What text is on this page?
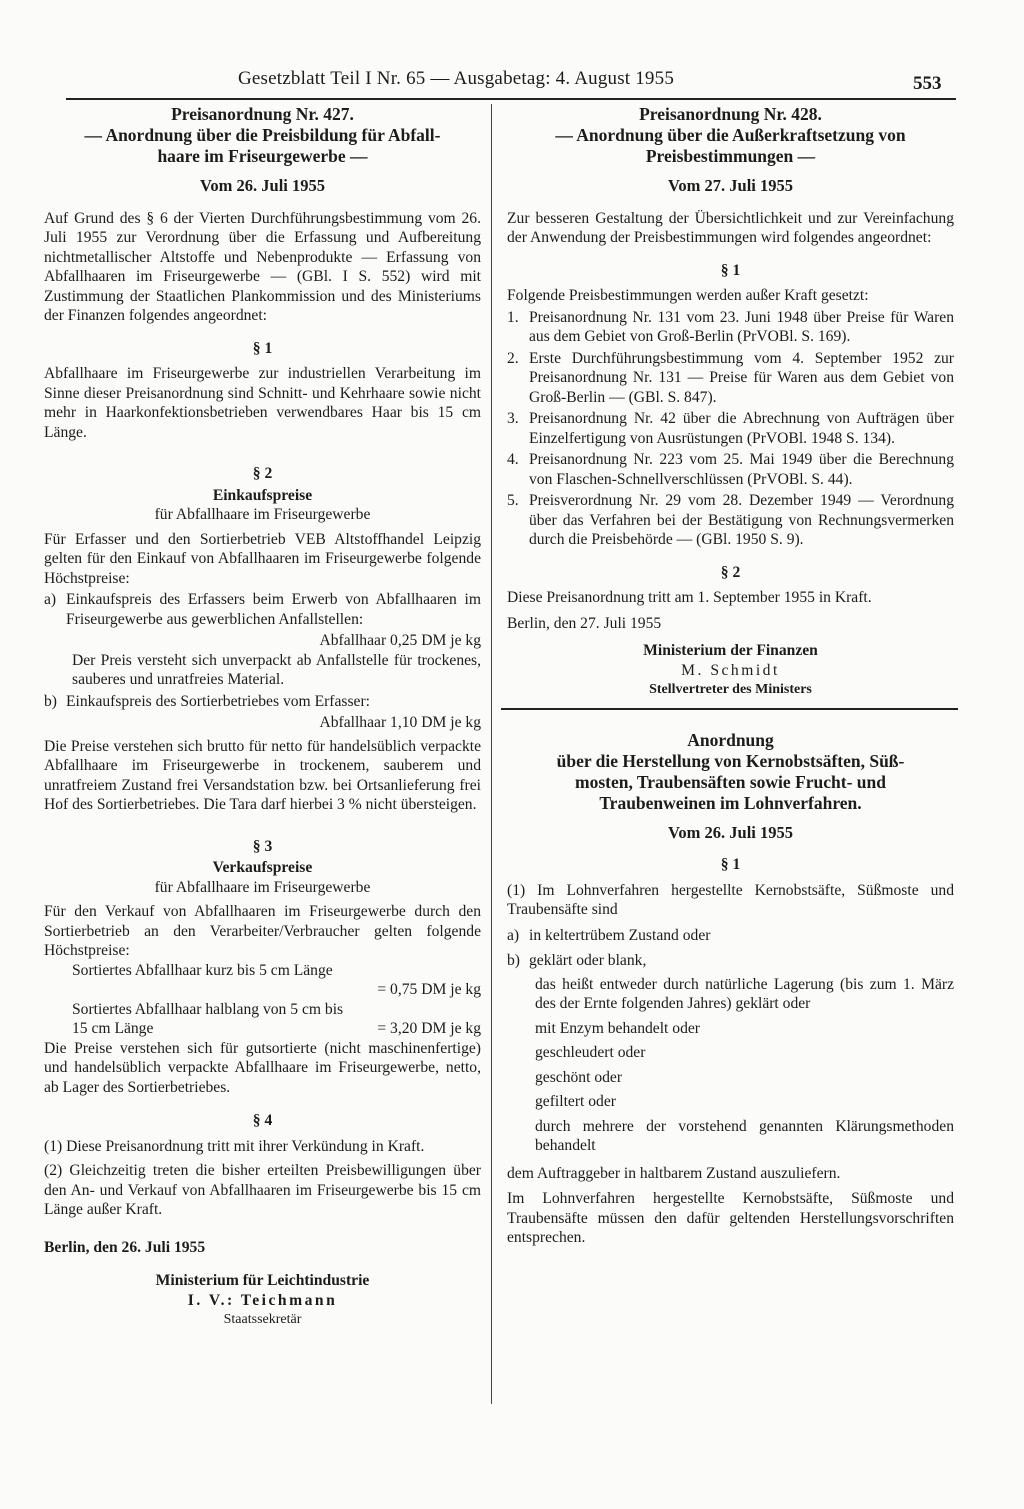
Gesetzblatt Teil I Nr. 65 — Ausgabetag: 4. August 1955	553
Preisanordnung Nr. 427.
— Anordnung über die Preisbildung für Abfall-
haare im Friseurgewerbe —
Vom 26. Juli 1955

Auf Grund des § 6 der Vierten Durchführungsbestimmung vom 26. Juli 1955 zur Verordnung über die Erfassung und Aufbereitung nichtmetallischer Altstoffe und Nebenprodukte — Erfassung von Abfallhaaren im Friseurgewerbe — (GBl. I S. 552) wird mit Zustimmung der Staatlichen Plankommission und des Ministeriums der Finanzen folgendes angeordnet:

§ 1

Abfallhaare im Friseurgewerbe zur industriellen Verarbeitung im Sinne dieser Preisanordnung sind Schnitt- und Kehrhaare sowie nicht mehr in Haarkonfektionsbetrieben verwendbares Haar bis 15 cm Länge.

§ 2
Einkaufspreise
für Abfallhaare im Friseurgewerbe

Für Erfasser und den Sortierbetrieb VEB Altstoffhandel Leipzig gelten für den Einkauf von Abfallhaaren im Friseurgewerbe folgende Höchstpreise:

a) Einkaufspreis des Erfassers beim Erwerb von Abfallhaaren im Friseurgewerbe aus gewerblichen Anfallstellen:
Abfallhaar 0,25 DM je kg
Der Preis versteht sich unverpackt ab Anfallstelle für trockenes, sauberes und unratfreies Material.
b) Einkaufspreis des Sortierbetriebes vom Erfasser:
Abfallhaar 1,10 DM je kg

Die Preise verstehen sich brutto für netto für handelsüblich verpackte Abfallhaare im Friseurgewerbe in trockenem, sauberem und unratfreiem Zustand frei Versandstation bzw. bei Ortsanlieferung frei Hof des Sortierbetriebes. Die Tara darf hierbei 3 % nicht übersteigen.

§ 3
Verkaufspreise
für Abfallhaare im Friseurgewerbe

Für den Verkauf von Abfallhaaren im Friseurgewerbe durch den Sortierbetrieb an den Verarbeiter/Verbraucher gelten folgende Höchstpreise:

Sortiertes Abfallhaar kurz bis 5 cm Länge
= 0,75 DM je kg
Sortiertes Abfallhaar halblang von 5 cm bis
15 cm Länge	= 3,20 DM je kg

Die Preise verstehen sich für gutsortierte (nicht maschinenfertige) und handelsüblich verpackte Abfallhaare im Friseurgewerbe, netto, ab Lager des Sortierbetriebes.

§ 4

(1) Diese Preisanordnung tritt mit ihrer Verkündung in Kraft.

(2) Gleichzeitig treten die bisher erteilten Preisbewilligungen über den An- und Verkauf von Abfallhaaren im Friseurgewerbe bis 15 cm Länge außer Kraft.

Berlin, den 26. Juli 1955
Ministerium für Leichtindustrie
I. V.: Teichmann
Staatssekretär
Preisanordnung Nr. 428.
— Anordnung über die Außerkraftsetzung von
Preisbestimmungen —
Vom 27. Juli 1955

Zur besseren Gestaltung der Übersichtlichkeit und zur Vereinfachung der Anwendung der Preisbestimmungen wird folgendes angeordnet:

§ 1

Folgende Preisbestimmungen werden außer Kraft gesetzt:

1. Preisanordnung Nr. 131 vom 23. Juni 1948 über Preise für Waren aus dem Gebiet von Groß-Berlin (PrVOBl. S. 169).
2. Erste Durchführungsbestimmung vom 4. September 1952 zur Preisanordnung Nr. 131 — Preise für Waren aus dem Gebiet von Groß-Berlin — (GBl. S. 847).
3. Preisanordnung Nr. 42 über die Abrechnung von Aufträgen über Einzelfertigung von Ausrüstungen (PrVOBl. 1948 S. 134).
4. Preisanordnung Nr. 223 vom 25. Mai 1949 über die Berechnung von Flaschen-Schnellverschlüssen (PrVOBl. S. 44).
5. Preisverordnung Nr. 29 vom 28. Dezember 1949 — Verordnung über das Verfahren bei der Bestätigung von Rechnungsvermerken durch die Preisbehörde — (GBl. 1950 S. 9).
§ 2

Diese Preisanordnung tritt am 1. September 1955 in Kraft.

Berlin, den 27. Juli 1955
Ministerium der Finanzen
M. Schmidt
Stellvertreter des Ministers
Anordnung
über die Herstellung von Kernobstsäften, Süß-
mosten, Traubensäften sowie Frucht- und
Traubenweinen im Lohnverfahren.
Vom 26. Juli 1955
§ 1

(1) Im Lohnverfahren hergestellte Kernobstsäfte, Süßmoste und Traubensäfte sind

a) in keltertrübem Zustand oder
b) geklärt oder blank,
das heißt entweder durch natürliche Lagerung (bis zum 1. März des der Ernte folgenden Jahres) geklärt oder
mit Enzym behandelt oder
geschleudert oder
geschönt oder
gefiltert oder
durch mehrere der vorstehend genannten Klärungsmethoden behandelt

dem Auftraggeber in haltbarem Zustand auszuliefern.

Im Lohnverfahren hergestellte Kernobstsäfte, Süßmoste und Traubensäfte müssen den dafür geltenden Herstellungsvorschriften entsprechen.
